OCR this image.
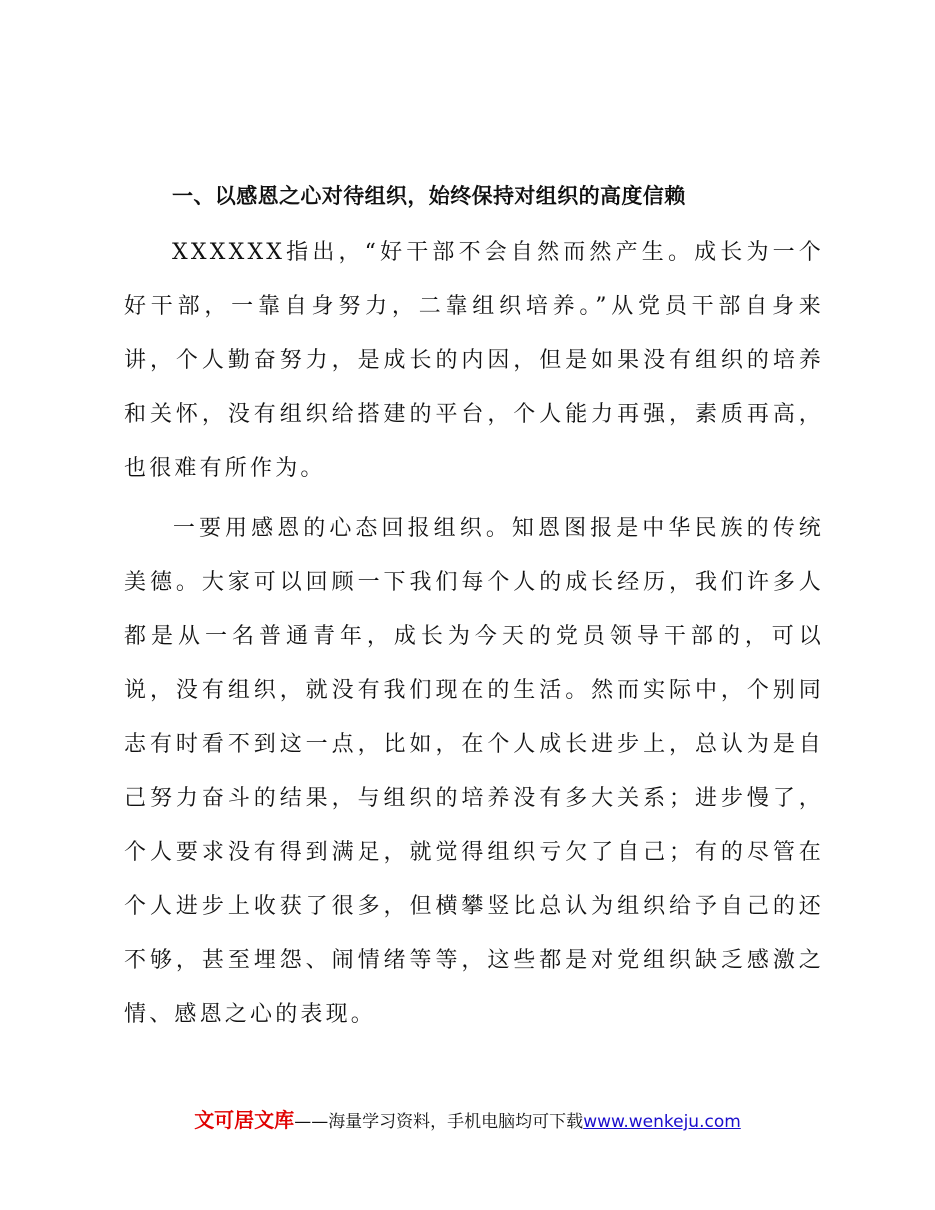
一、以感恩之心对待组织，始终保持对组织的高度信赖

XXXXXX指出，“好干部不会自然而然产生。成长为一个好干部，一靠自身努力，二靠组织培养。”从党员干部自身来讲，个人勤奋努力，是成长的内因，但是如果没有组织的培养和关怀，没有组织给搭建的平台，个人能力再强，素质再高，也很难有所作为。

一要用感恩的心态回报组织。知恩图报是中华民族的传统美德。大家可以回顾一下我们每个人的成长经历，我们许多人都是从一名普通青年，成长为今天的党员领导干部的，可以说，没有组织，就没有我们现在的生活。然而实际中，个别同志有时看不到这一点，比如，在个人成长进步上，总认为是自己努力奋斗的结果，与组织的培养没有多大关系；进步慢了，个人要求没有得到满足，就觉得组织亏欠了自己；有的尽管在个人进步上收获了很多，但横攀竖比总认为组织给予自己的还不够，甚至埋怨、闹情绪等等，这些都是对党组织缺乏感激之情、感恩之心的表现。

文可居文库——海量学习资料，手机电脑均可下载www.wenkeju.com
